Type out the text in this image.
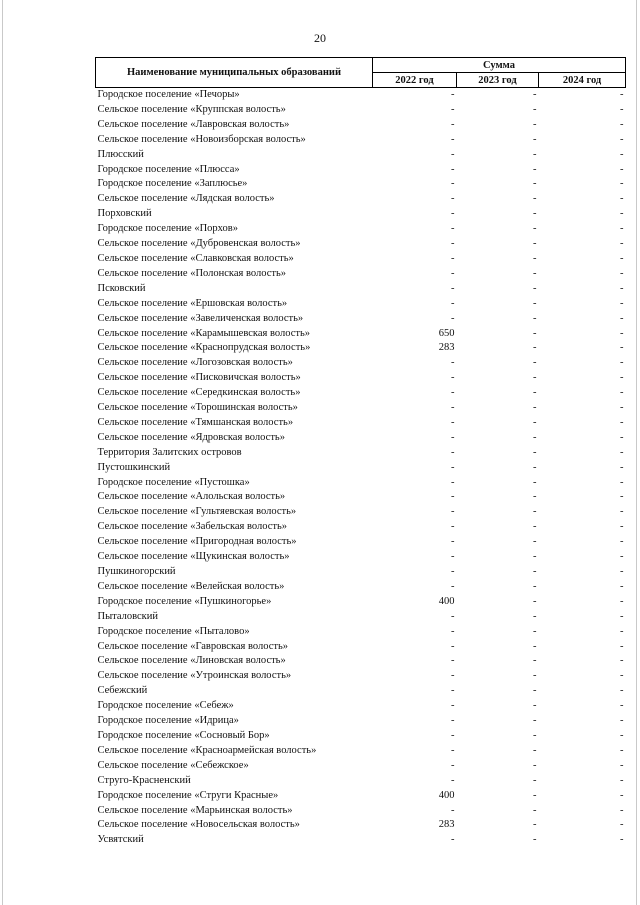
20
Наименование муниципальных образований	Сумма		
	2022 год	2023 год	2024 год
Городское поселение «Печоры»	-	-	-
Сельское поселение «Круппская волость»	-	-	-
Сельское поселение «Лавровская волость»	-	-	-
Сельское поселение «Новоизборская волость»	-	-	-
Плюсский	-	-	-
Городское поселение «Плюсса»	-	-	-
Городское поселение «Заплюсье»	-	-	-
Сельское поселение «Лядская волость»	-	-	-
Порховский	-	-	-
Городское поселение «Порхов»	-	-	-
Сельское поселение «Дубровенская волость»	-	-	-
Сельское поселение «Славковская волость»	-	-	-
Сельское поселение «Полонская волость»	-	-	-
Псковский	-	-	-
Сельское поселение «Ершовская волость»	-	-	-
Сельское поселение «Завеличенская волость»	-	-	-
Сельское поселение «Карамышевская волость»	650	-	-
Сельское поселение «Краснопрудская волость»	283	-	-
Сельское поселение «Логозовская волость»	-	-	-
Сельское поселение «Писковичская волость»	-	-	-
Сельское поселение «Середкинская волость»	-	-	-
Сельское поселение «Торошинская волость»	-	-	-
Сельское поселение «Тямшанская волость»	-	-	-
Сельское поселение «Ядровская волость»	-	-	-
Территория Залитских островов	-	-	-
Пустошкинский	-	-	-
Городское поселение «Пустошка»	-	-	-
Сельское поселение «Алольская волость»	-	-	-
Сельское поселение «Гультяевская волость»	-	-	-
Сельское поселение «Забельская волость»	-	-	-
Сельское поселение «Пригородная волость»	-	-	-
Сельское поселение «Щукинская волость»	-	-	-
Пушкиногорский	-	-	-
Сельское поселение «Велейская волость»	-	-	-
Городское поселение «Пушкиногорье»	400	-	-
Пыталовский	-	-	-
Городское поселение «Пыталово»	-	-	-
Сельское поселение «Гавровская волость»	-	-	-
Сельское поселение «Линовская волость»	-	-	-
Сельское поселение «Утроинская волость»	-	-	-
Себежский	-	-	-
Городское поселение «Себеж»	-	-	-
Городское поселение «Идрица»	-	-	-
Городское поселение «Сосновый Бор»	-	-	-
Сельское поселение «Красноармейская волость»	-	-	-
Сельское поселение «Себежское»	-	-	-
Струго-Красненский	-	-	-
Городское поселение «Струги Красные»	400	-	-
Сельское поселение «Марьинская волость»	-	-	-
Сельское поселение «Новосельская волость»	283	-	-
Усвятский	-	-	-
